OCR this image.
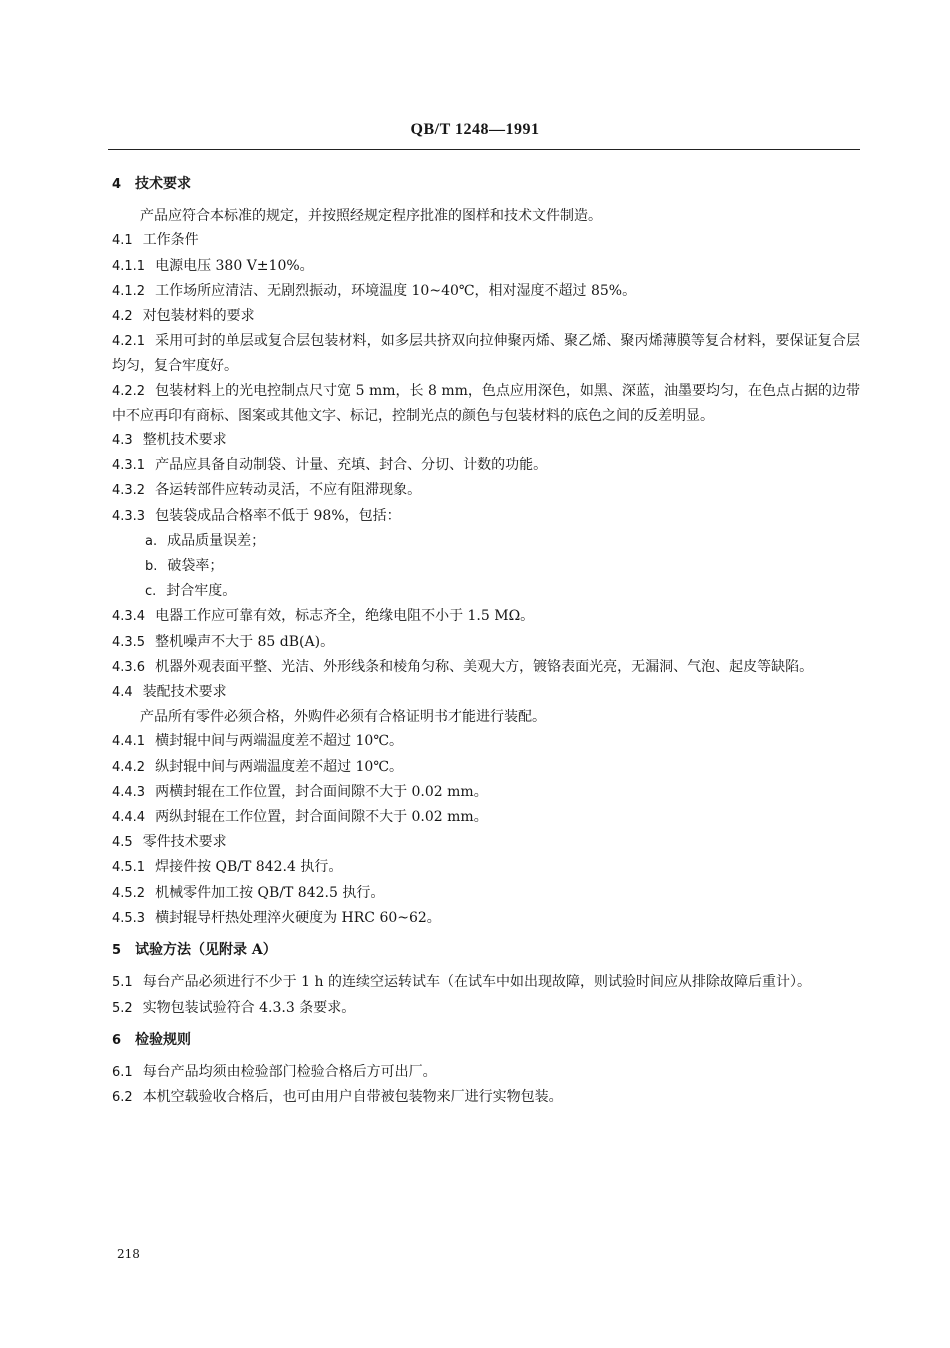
QB/T 1248—1991
4 技术要求
产品应符合本标准的规定，并按照经规定程序批准的图样和技术文件制造。
4.1 工作条件
4.1.1 电源电压 380 V±10%。
4.1.2 工作场所应清洁、无剧烈振动，环境温度 10~40℃，相对湿度不超过 85%。
4.2 对包装材料的要求
4.2.1 采用可封的单层或复合层包装材料，如多层共挤双向拉伸聚丙烯、聚乙烯、聚丙烯薄膜等复合材料，要保证复合层均匀，复合牢度好。
4.2.2 包装材料上的光电控制点尺寸宽 5 mm，长 8 mm，色点应用深色，如黑、深蓝，油墨要均匀，在色点占据的边带中不应再印有商标、图案或其他文字、标记，控制光点的颜色与包装材料的底色之间的反差明显。
4.3 整机技术要求
4.3.1 产品应具备自动制袋、计量、充填、封合、分切、计数的功能。
4.3.2 各运转部件应转动灵活，不应有阻滞现象。
4.3.3 包装袋成品合格率不低于 98%，包括：
a. 成品质量误差；
b. 破袋率；
c. 封合牢度。
4.3.4 电器工作应可靠有效，标志齐全，绝缘电阻不小于 1.5 MΩ。
4.3.5 整机噪声不大于 85 dB(A)。
4.3.6 机器外观表面平整、光洁、外形线条和棱角匀称、美观大方，镀铬表面光亮，无漏洞、气泡、起皮等缺陷。
4.4 装配技术要求
产品所有零件必须合格，外购件必须有合格证明书才能进行装配。
4.4.1 横封辊中间与两端温度差不超过 10℃。
4.4.2 纵封辊中间与两端温度差不超过 10℃。
4.4.3 两横封辊在工作位置，封合面间隙不大于 0.02 mm。
4.4.4 两纵封辊在工作位置，封合面间隙不大于 0.02 mm。
4.5 零件技术要求
4.5.1 焊接件按 QB/T 842.4 执行。
4.5.2 机械零件加工按 QB/T 842.5 执行。
4.5.3 横封辊导杆热处理淬火硬度为 HRC 60~62。
5 试验方法（见附录 A）
5.1 每台产品必须进行不少于 1 h 的连续空运转试车（在试车中如出现故障，则试验时间应从排除故障后重计）。
5.2 实物包装试验符合 4.3.3 条要求。
6 检验规则
6.1 每台产品均须由检验部门检验合格后方可出厂。
6.2 本机空载验收合格后，也可由用户自带被包装物来厂进行实物包装。
218
